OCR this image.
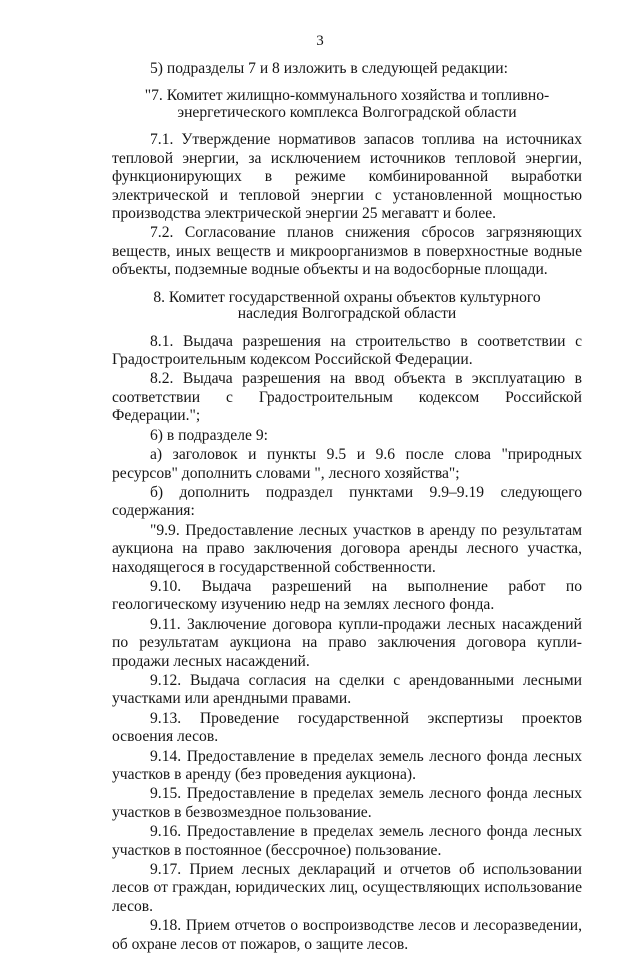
3

5) подразделы 7 и 8 изложить в следующей редакции:

"7. Комитет жилищно-коммунального хозяйства и топливно-энергетического комплекса Волгоградской области

7.1. Утверждение нормативов запасов топлива на источниках тепловой энергии, за исключением источников тепловой энергии, функционирующих в режиме комбинированной выработки электрической и тепловой энергии с установленной мощностью производства электрической энергии 25 мегаватт и более.

7.2. Согласование планов снижения сбросов загрязняющих веществ, иных веществ и микроорганизмов в поверхностные водные объекты, подземные водные объекты и на водосборные площади.

8. Комитет государственной охраны объектов культурного наследия Волгоградской области

8.1. Выдача разрешения на строительство в соответствии с Градостроительным кодексом Российской Федерации.

8.2. Выдача разрешения на ввод объекта в эксплуатацию в соответствии с Градостроительным кодексом Российской Федерации.";

6) в подразделе 9:

а) заголовок и пункты 9.5 и 9.6 после слова "природных ресурсов" дополнить словами ", лесного хозяйства";

б) дополнить подраздел пунктами 9.9–9.19 следующего содержания:

"9.9. Предоставление лесных участков в аренду по результатам аукциона на право заключения договора аренды лесного участка, находящегося в государственной собственности.

9.10. Выдача разрешений на выполнение работ по геологическому изучению недр на землях лесного фонда.

9.11. Заключение договора купли-продажи лесных насаждений по результатам аукциона на право заключения договора купли-продажи лесных насаждений.

9.12. Выдача согласия на сделки с арендованными лесными участками или арендными правами.

9.13. Проведение государственной экспертизы проектов освоения лесов.

9.14. Предоставление в пределах земель лесного фонда лесных участков в аренду (без проведения аукциона).

9.15. Предоставление в пределах земель лесного фонда лесных участков в безвозмездное пользование.

9.16. Предоставление в пределах земель лесного фонда лесных участков в постоянное (бессрочное) пользование.

9.17. Прием лесных деклараций и отчетов об использовании лесов от граждан, юридических лиц, осуществляющих использование лесов.

9.18. Прием отчетов о воспроизводстве лесов и лесоразведении, об охране лесов от пожаров, о защите лесов.
